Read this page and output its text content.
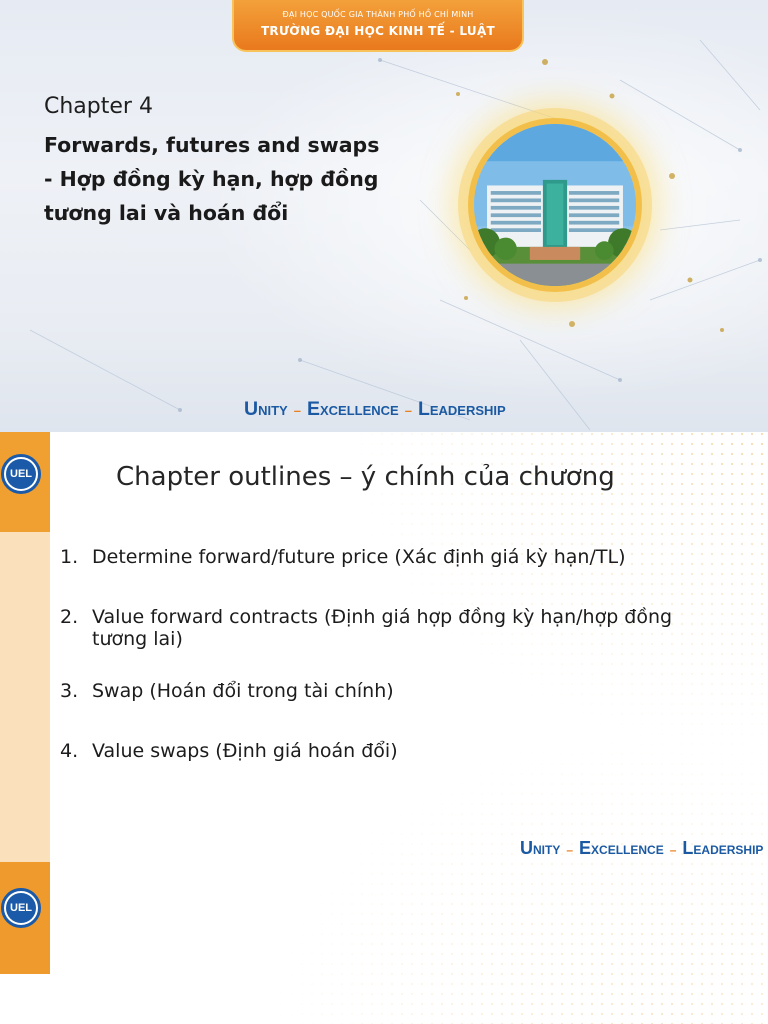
ĐẠI HỌC QUỐC GIA THÀNH PHỐ HỒ CHÍ MINH
TRƯỜNG ĐẠI HỌC KINH TẾ - LUẬT
Chapter 4
Forwards, futures and swaps
- Hợp đồng kỳ hạn, hợp đồng
tương lai và hoán đổi
UNITY – EXCELLENCE – LEADERSHIP
UEL
UEL
Chapter outlines – ý chính của chương
1. Determine forward/future price (Xác định giá kỳ hạn/TL)
2. Value forward contracts (Định giá hợp đồng kỳ hạn/hợp đồng tương lai)
3. Swap (Hoán đổi trong tài chính)
4. Value swaps (Định giá hoán đổi)
UNITY – EXCELLENCE – LEADERSHIP
